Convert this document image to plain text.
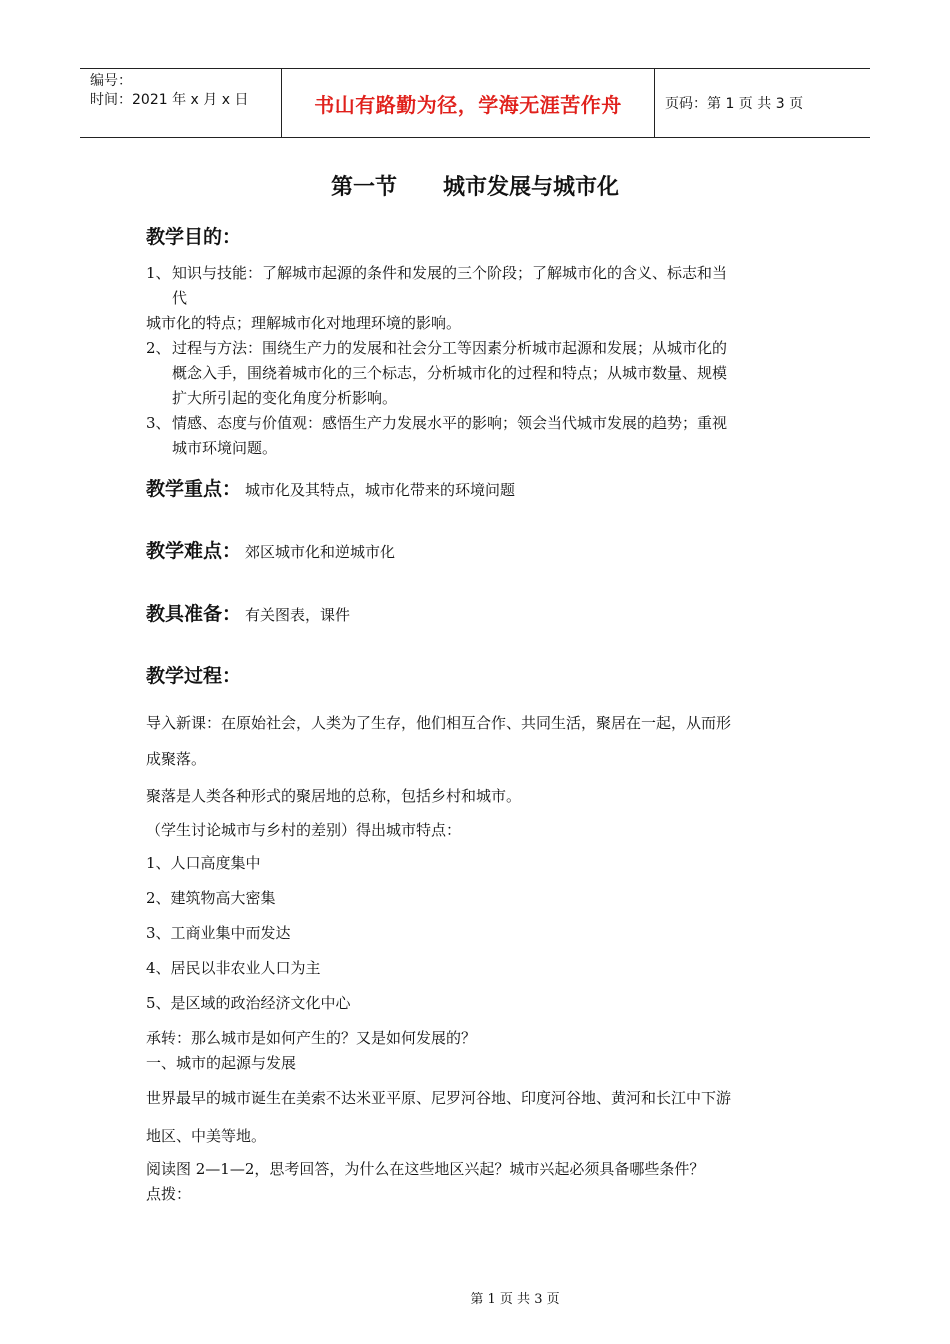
编号：
时间：2021 年 x 月 x 日	书山有路勤为径，学海无涯苦作舟	页码：第 1 页 共 3 页
第一节      城市发展与城市化
教学目的：
1、 知识与技能：了解城市起源的条件和发展的三个阶段；了解城市化的含义、标志和当
代
城市化的特点；理解城市化对地理环境的影响。
2、 过程与方法：围绕生产力的发展和社会分工等因素分析城市起源和发展；从城市化的
概念入手，围绕着城市化的三个标志，分析城市化的过程和特点；从城市数量、规模
扩大所引起的变化角度分析影响。
3、 情感、态度与价值观：感悟生产力发展水平的影响；领会当代城市发展的趋势；重视
城市环境问题。
教学重点： 城市化及其特点，城市化带来的环境问题
教学难点： 郊区城市化和逆城市化
教具准备： 有关图表，课件
教学过程：
导入新课：在原始社会，人类为了生存，他们相互合作、共同生活，聚居在一起，从而形
成聚落。
聚落是人类各种形式的聚居地的总称，包括乡村和城市。
（学生讨论城市与乡村的差别）得出城市特点：
1、人口高度集中
2、建筑物高大密集
3、工商业集中而发达
4、居民以非农业人口为主
5、是区域的政治经济文化中心
承转：那么城市是如何产生的？又是如何发展的？
一、城市的起源与发展
世界最早的城市诞生在美索不达米亚平原、尼罗河谷地、印度河谷地、黄河和长江中下游
地区、中美等地。
阅读图 2—1—2，思考回答，为什么在这些地区兴起？城市兴起必须具备哪些条件？
点拨：
第 1 页 共 3 页
